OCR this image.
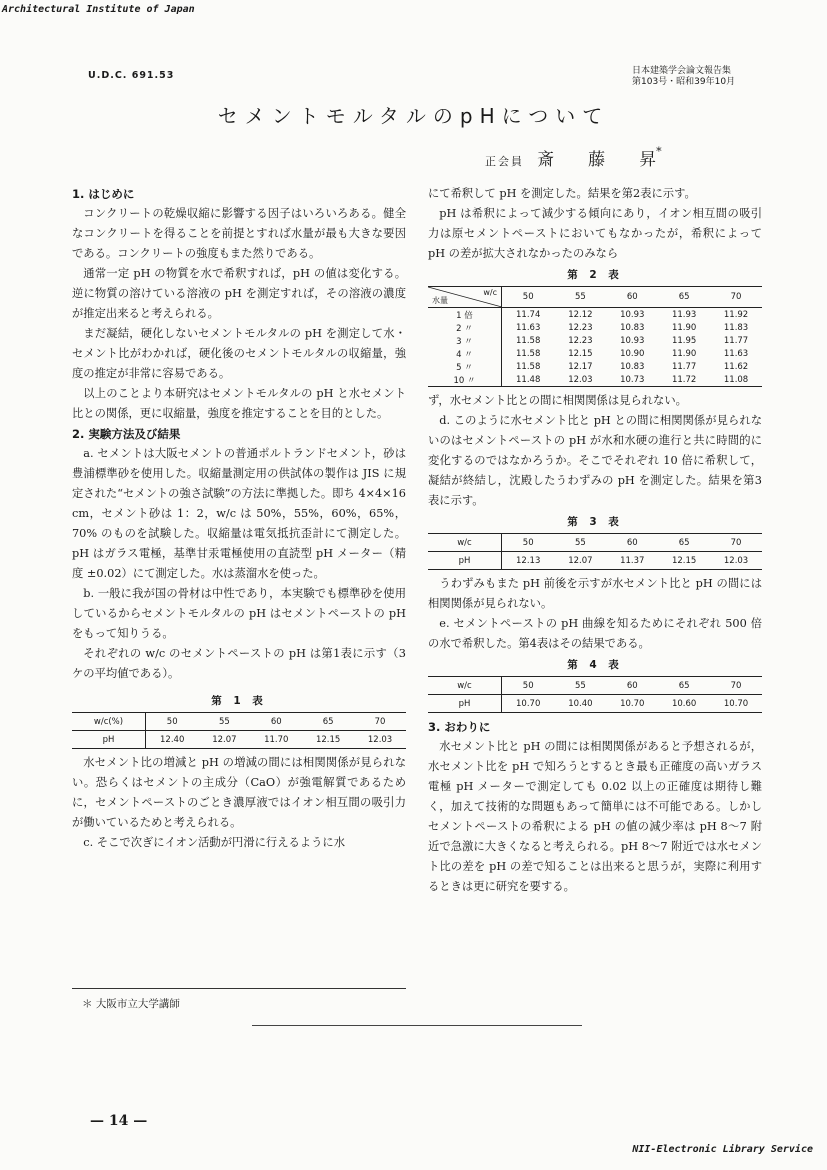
Architectural Institute of Japan
U.D.C. 691.53	日本建築学会論文報告集
第103号・昭和39年10月
セメントモルタルのpHについて
正会員 斎　　藤　　昇*
1. はじめに

コンクリートの乾燥収縮に影響する因子はいろいろある。健全なコンクリートを得ることを前提とすれば水量が最も大きな要因である。コンクリートの強度もまた然りである。

通常一定 pH の物質を水で希釈すれば，pH の値は変化する。逆に物質の溶けている溶液の pH を測定すれば，その溶液の濃度が推定出来ると考えられる。

まだ凝結，硬化しないセメントモルタルの pH を測定して水・セメント比がわかれば，硬化後のセメントモルタルの収縮量，強度の推定が非常に容易である。

以上のことより本研究はセメントモルタルの pH と水セメント比との関係，更に収縮量，強度を推定することを目的とした。

2. 実験方法及び結果

a. セメントは大阪セメントの普通ポルトランドセメント，砂は豊浦標準砂を使用した。収縮量測定用の供試体の製作は JIS に規定された“セメントの強さ試験”の方法に準拠した。即ち 4×4×16 cm，セメント砂は 1：2，w/c は 50%，55%，60%，65%，70% のものを試験した。収縮量は電気抵抗歪計にて測定した。pH はガラス電極，基準甘汞電極使用の直読型 pH メーター（精度 ±0.02）にて測定した。水は蒸溜水を使った。

b. 一般に我が国の骨材は中性であり，本実験でも標準砂を使用しているからセメントモルタルの pH はセメントペーストの pH をもって知りうる。

それぞれの w/c のセメントペーストの pH は第1表に示す（3ケの平均値である）。

第 1 表
w/c(%)	50	55	60	65	70
pH	12.40	12.07	11.70	12.15	12.03

水セメント比の増減と pH の増減の間には相関関係が見られない。恐らくはセメントの主成分（CaO）が強電解質であるために，セメントペーストのごとき濃厚液ではイオン相互間の吸引力が働いているためと考えられる。

c. そこで次ぎにイオン活動が円滑に行えるように水

＊ 大阪市立大学講師

にて希釈して pH を測定した。結果を第2表に示す。

pH は希釈によって減少する傾向にあり，イオン相互間の吸引力は原セメントペーストにおいてもなかったが，希釈によって pH の差が拡大されなかったのみなら

第 2 表
w/c
水量	50	55	60	65	70
1 倍	11.74	12.12	10.93	11.93	11.92
2 〃	11.63	12.23	10.83	11.90	11.83
3 〃	11.58	12.23	10.93	11.95	11.77
4 〃	11.58	12.15	10.90	11.90	11.63
5 〃	11.58	12.17	10.83	11.77	11.62
10 〃	11.48	12.03	10.73	11.72	11.08

ず，水セメント比との間に相関関係は見られない。

d. このように水セメント比と pH との間に相関関係が見られないのはセメントペーストの pH が水和水硬の進行と共に時間的に変化するのではなかろうか。そこでそれぞれ 10 倍に希釈して，凝結が終結し，沈殿したうわずみの pH を測定した。結果を第3表に示す。

第 3 表
w/c	50	55	60	65	70
pH	12.13	12.07	11.37	12.15	12.03

うわずみもまた pH 前後を示すが水セメント比と pH の間には相関関係が見られない。

e. セメントペーストの pH 曲線を知るためにそれぞれ 500 倍の水で希釈した。第4表はその結果である。

第 4 表
w/c	50	55	60	65	70
pH	10.70	10.40	10.70	10.60	10.70
3. おわりに

水セメント比と pH の間には相関関係があると予想されるが，水セメント比を pH で知ろうとするとき最も正確度の高いガラス電極 pH メーターで測定しても 0.02 以上の正確度は期待し難く，加えて技術的な問題もあって簡単には不可能である。しかしセメントペーストの希釈による pH の値の減少率は pH 8～7 附近で急激に大きくなると考えられる。pH 8～7 附近では水セメント比の差を pH の差で知ることは出来ると思うが，実際に利用するときは更に研究を要する。

— 14 —
NII-Electronic Library Service
